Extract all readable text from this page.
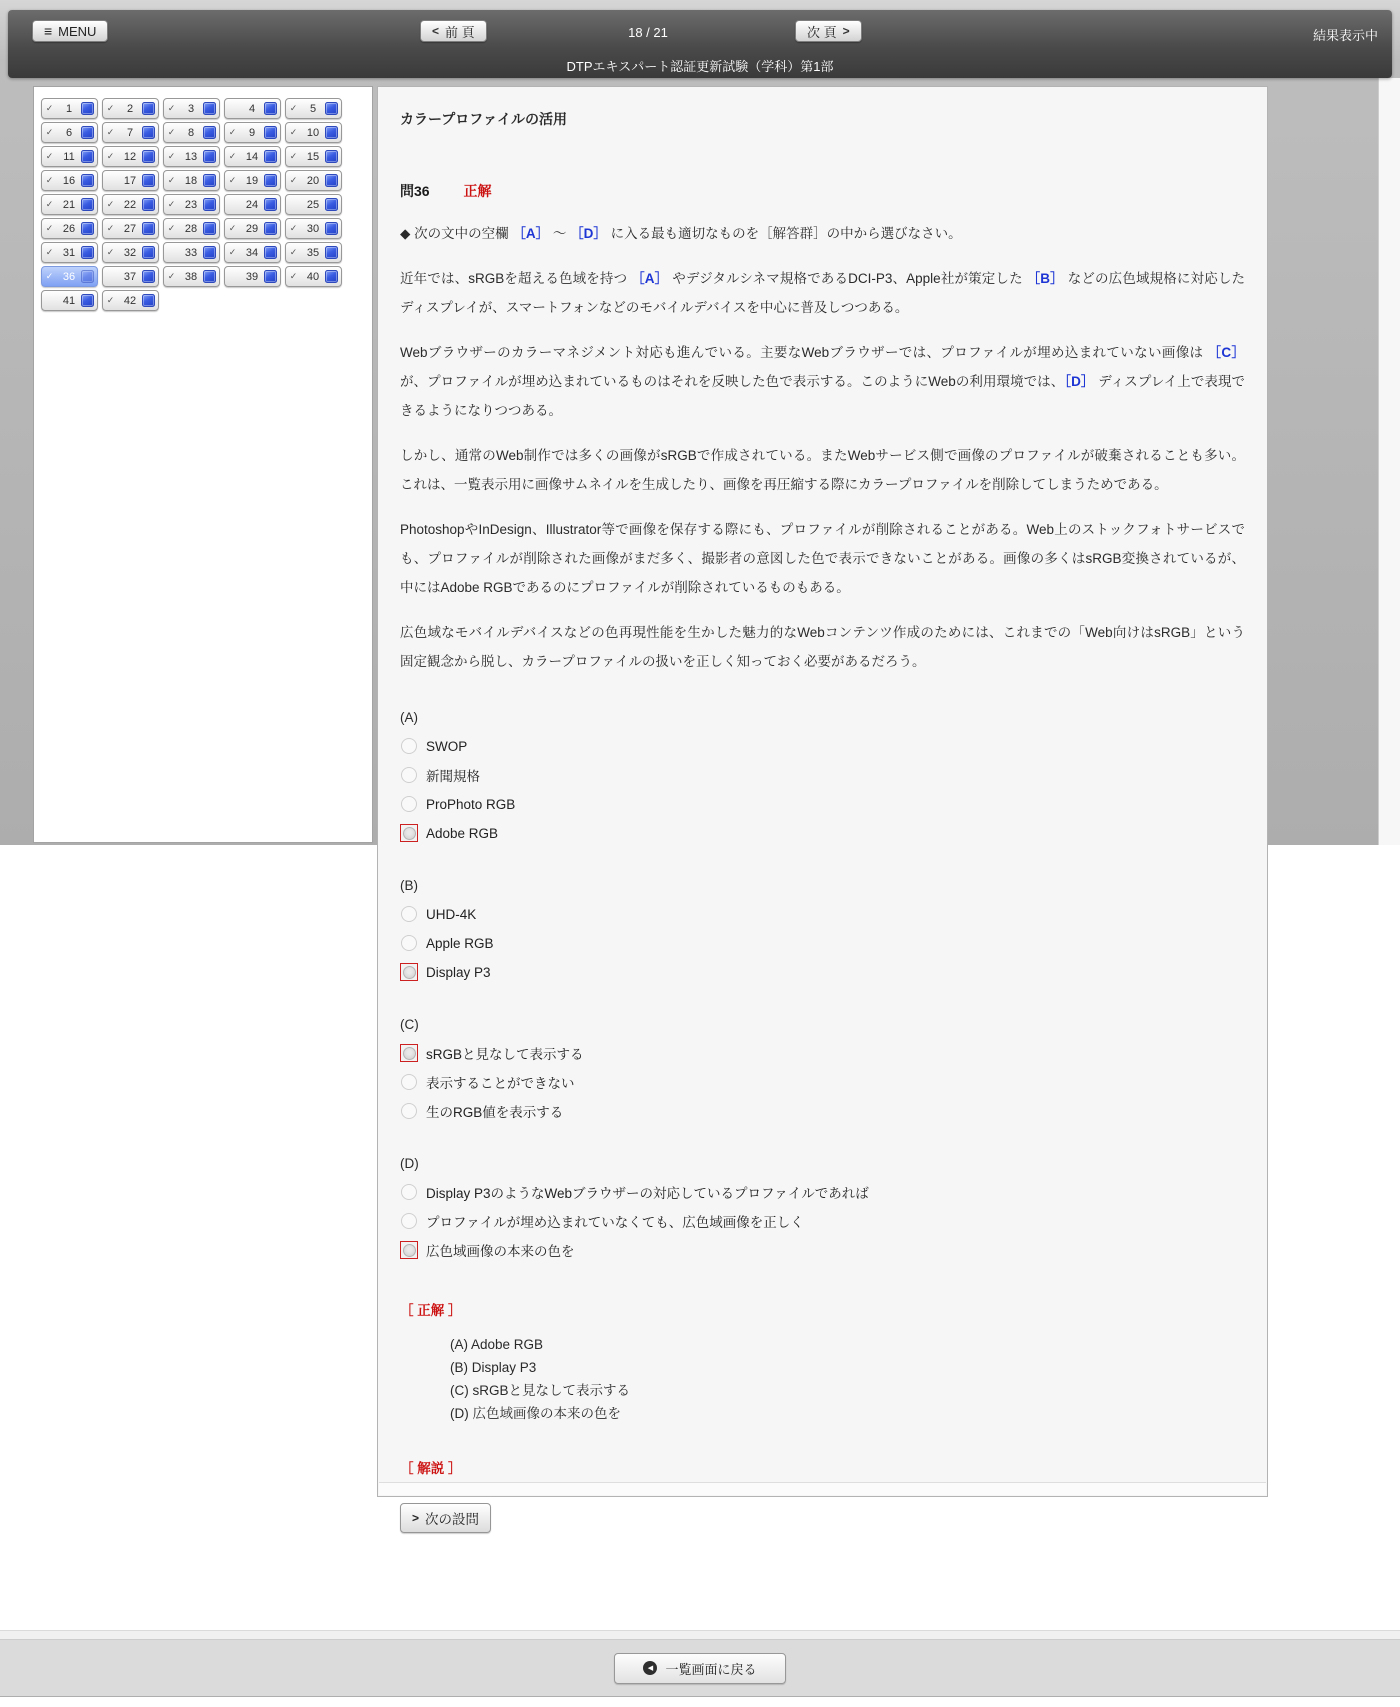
≡ MENU	< 前 頁	18 / 21	次 頁 >	結果表示中
DTPエキスパート認証更新試験（学科）第1部
✓	1	✓	2	✓	3	4	✓	5
✓	6	✓	7	✓	8	✓	9	✓ 10
✓ 11	✓ 12	✓ 13	✓ 14	✓ 15
✓ 16	17	✓ 18	✓ 19	✓ 20
✓ 21	✓ 22	✓ 23	24	25
✓ 26	✓ 27	✓ 28	✓ 29	✓ 30
✓ 31	✓ 32	33	✓ 34	✓ 35
✓ 36	37	✓ 38	39	✓ 40
41	✓ 42
カラープロファイルの活用
問36 正解
◆ 次の文中の空欄 ［A］ ～ ［D］ に入る最も適切なものを［解答群］の中から選びなさい。

近年では、sRGBを超える色域を持つ ［A］ やデジタルシネマ規格であるDCI-P3、Apple社が策定した ［B］ などの広色域規格に対応したディスプレイが、スマートフォンなどのモバイルデバイスを中心に普及しつつある。

Webブラウザーのカラーマネジメント対応も進んでいる。主要なWebブラウザーでは、プロファイルが埋め込まれていない画像は ［C］ が、プロファイルが埋め込まれているものはそれを反映した色で表示する。このようにWebの利用環境では、［D］ ディスプレイ上で表現できるようになりつつある。

しかし、通常のWeb制作では多くの画像がsRGBで作成されている。またWebサービス側で画像のプロファイルが破棄されることも多い。これは、一覧表示用に画像サムネイルを生成したり、画像を再圧縮する際にカラープロファイルを削除してしまうためである。

PhotoshopやInDesign、Illustrator等で画像を保存する際にも、プロファイルが削除されることがある。Web上のストックフォトサービスでも、プロファイルが削除された画像がまだ多く、撮影者の意図した色で表示できないことがある。画像の多くはsRGB変換されているが、中にはAdobe RGBであるのにプロファイルが削除されているものもある。

広色域なモバイルデバイスなどの色再現性能を生かした魅力的なWebコンテンツ作成のためには、これまでの「Web向けはsRGB」という固定観念から脱し、カラープロファイルの扱いを正しく知っておく必要があるだろう。

(A)
SWOP
新聞規格
ProPhoto RGB
Adobe RGB
(B)
UHD-4K
Apple RGB
Display P3
(C)
sRGBと見なして表示する
表示することができない
生のRGB値を表示する
(D)
Display P3のようなWebブラウザーの対応しているプロファイルであれば
プロファイルが埋め込まれていなくても、広色域画像を正しく
広色域画像の本来の色を
［ 正解 ］
(A) Adobe RGB
(B) Display P3
(C) sRGBと見なして表示する
(D) 広色域画像の本来の色を
［ 解説 ］
> 次の設問
◀ 一覧画面に戻る
